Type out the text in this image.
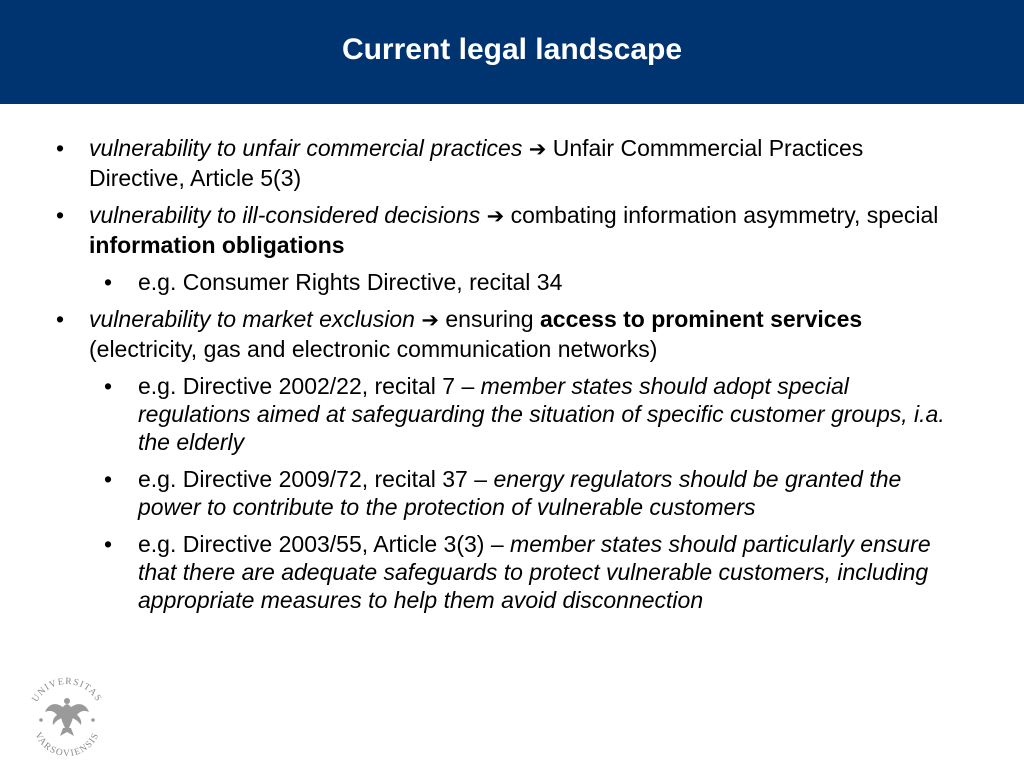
Current legal landscape

• vulnerability to unfair commercial practices ➔ Unfair Commmercial Practices Directive, Article 5(3)

• vulnerability to ill-considered decisions ➔ combating information asymmetry, special information obligations

• e.g. Consumer Rights Directive, recital 34

• vulnerability to market exclusion ➔ ensuring access to prominent services (electricity, gas and electronic communication networks)

• e.g. Directive 2002/22, recital 7 – member states should adopt special regulations aimed at safeguarding the situation of specific customer groups, i.a. the elderly

• e.g. Directive 2009/72, recital 37 – energy regulators should be granted the power to contribute to the protection of vulnerable customers

• e.g. Directive 2003/55, Article 3(3) – member states should particularly ensure that there are adequate safeguards to protect vulnerable customers, including appropriate measures to help them avoid disconnection

UNIVERSITAS
VARSOVIENSIS
